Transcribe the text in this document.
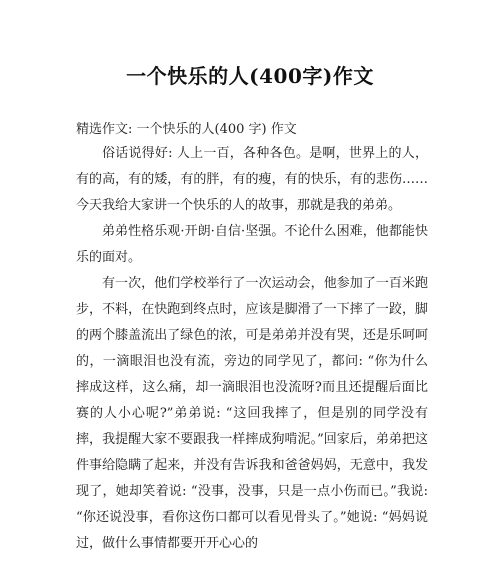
一个快乐的人(400字)作文
精选作文: 一个快乐的人(400 字) 作文

俗话说得好: 人上一百，各种各色。是啊，世界上的人，有的高，有的矮，有的胖，有的瘦，有的快乐，有的悲伤……今天我给大家讲一个快乐的人的故事，那就是我的弟弟。

弟弟性格乐观·开朗·自信·坚强。不论什么困难，他都能快乐的面对。

有一次，他们学校举行了一次运动会，他参加了一百米跑步，不料，在快跑到终点时，应该是脚滑了一下摔了一跤，脚的两个膝盖流出了绿色的浓，可是弟弟并没有哭，还是乐呵呵的，一滴眼泪也没有流，旁边的同学见了，都问: “你为什么摔成这样，这么痛，却一滴眼泪也没流呀?而且还提醒后面比赛的人小心呢?”弟弟说: “这回我摔了，但是别的同学没有摔，我提醒大家不要跟我一样摔成狗啃泥。”回家后，弟弟把这件事给隐瞒了起来，并没有告诉我和爸爸妈妈，无意中，我发现了，她却笑着说: “没事，没事，只是一点小伤而已。”我说: “你还说没事，看你这伤口都可以看见骨头了。”她说: “妈妈说过，做什么事情都要开开心心的
